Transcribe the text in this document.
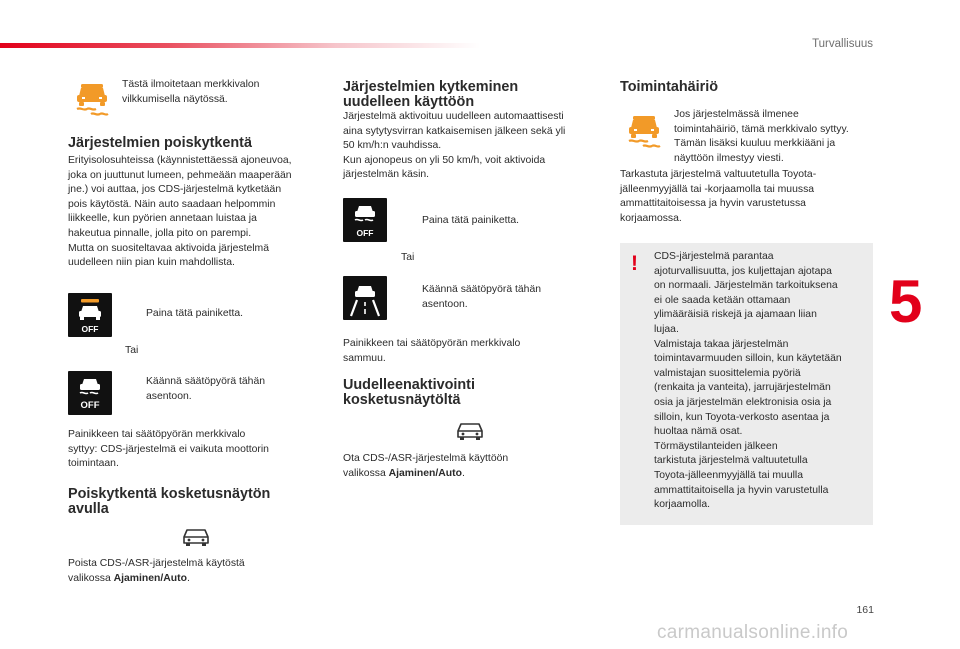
Turvallisuus
5
Tästä ilmoitetaan merkkivalon
vilkkumisella näytössä.
Järjestelmien poiskytkentä
Erityisolosuhteissa (käynnistettäessä ajoneuvoa,
joka on juuttunut lumeen, pehmeään maaperään
jne.) voi auttaa, jos CDS-järjestelmä kytketään
pois käytöstä. Näin auto saadaan helpommin
liikkeelle, kun pyörien annetaan luistaa ja
hakeutua pinnalle, jolla pito on parempi.
Mutta on suositeltavaa aktivoida järjestelmä
uudelleen niin pian kuin mahdollista.
OFF
Paina tätä painiketta.
Tai
OFF
Käännä säätöpyörä tähän
asentoon.
Painikkeen tai säätöpyörän merkkivalo
syttyy: CDS-järjestelmä ei vaikuta moottorin
toimintaan.
Poiskytkentä kosketusnäytön
avulla
Poista CDS-/ASR-järjestelmä käytöstä
valikossa Ajaminen/Auto.
Järjestelmien kytkeminen
uudelleen käyttöön
Järjestelmä aktivoituu uudelleen automaattisesti
aina sytytysvirran katkaisemisen jälkeen sekä yli
50 km/h:n vauhdissa.
Kun ajonopeus on yli 50 km/h, voit aktivoida
järjestelmän käsin.
OFF
Paina tätä painiketta.
Tai
Käännä säätöpyörä tähän
asentoon.
Painikkeen tai säätöpyörän merkkivalo
sammuu.
Uudelleenaktivointi
kosketusnäytöltä
Ota CDS-/ASR-järjestelmä käyttöön
valikossa Ajaminen/Auto.
Toimintahäiriö
Jos järjestelmässä ilmenee
toimintahäiriö, tämä merkkivalo syttyy.
Tämän lisäksi kuuluu merkkiääni ja
näyttöön ilmestyy viesti.
Tarkastuta järjestelmä valtuutetulla Toyota-
jälleenmyyjällä tai -korjaamolla tai muussa
ammattitaitoisessa ja hyvin varustetussa
korjaamossa.
! CDS-järjestelmä parantaa
ajoturvallisuutta, jos kuljettajan ajotapa
on normaali. Järjestelmän tarkoituksena
ei ole saada ketään ottamaan
ylimääräisiä riskejä ja ajamaan liian
lujaa.
Valmistaja takaa järjestelmän
toimintavarmuuden silloin, kun käytetään
valmistajan suosittelemia pyöriä
(renkaita ja vanteita), jarrujärjestelmän
osia ja järjestelmän elektronisia osia ja
silloin, kun Toyota-verkosto asentaa ja
huoltaa nämä osat.
Törmäystilanteiden jälkeen
tarkistuta järjestelmä valtuutetulla
Toyota-jälleenmyyjällä tai muulla
ammattitaitoisella ja hyvin varustetulla
korjaamolla.
161
carmanualsonline.info
